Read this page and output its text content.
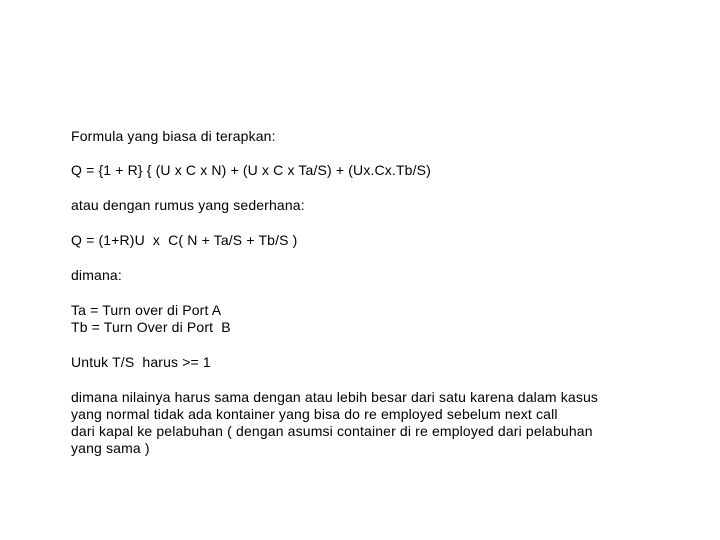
Formula yang biasa di terapkan:

Q = {1 + R} { (U x C x N) + (U x C x Ta/S) + (Ux.Cx.Tb/S)

atau dengan rumus yang sederhana:

Q = (1+R)U  x  C( N + Ta/S + Tb/S )

dimana:

Ta = Turn over di Port A

Tb = Turn Over di Port  B

Untuk T/S  harus >= 1

dimana nilainya harus sama dengan atau lebih besar dari satu karena dalam kasus

yang normal tidak ada kontainer yang bisa do re employed sebelum next call

dari kapal ke pelabuhan ( dengan asumsi container di re employed dari pelabuhan

yang sama )
